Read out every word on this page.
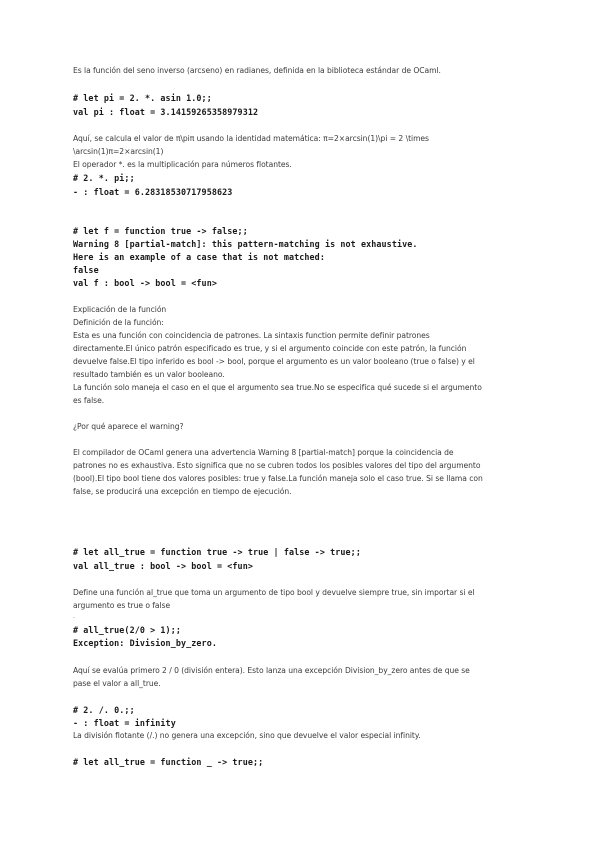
Es la función del seno inverso (arcseno) en radianes, definida en la biblioteca estándar de OCaml.
# let pi = 2. *. asin 1.0;;
val pi : float = 3.14159265358979312
Aquí, se calcula el valor de π\piπ usando la identidad matemática: π=2×arcsin(1)\pi = 2 \times
\arcsin(1)π=2×arcsin(1)
El operador *. es la multiplicación para números flotantes.
# 2. *. pi;;
- : float = 6.28318530717958623
# let f = function true -> false;;
Warning 8 [partial-match]: this pattern-matching is not exhaustive.
Here is an example of a case that is not matched:
false
val f : bool -> bool = <fun>
Explicación de la función
Definición de la función:
Esta es una función con coincidencia de patrones. La sintaxis function permite definir patrones
directamente.El único patrón especificado es true, y si el argumento coincide con este patrón, la función
devuelve false.El tipo inferido es bool -> bool, porque el argumento es un valor booleano (true o false) y el
resultado también es un valor booleano.
La función solo maneja el caso en el que el argumento sea true.No se especifica qué sucede si el argumento
es false.
¿Por qué aparece el warning?
El compilador de OCaml genera una advertencia Warning 8 [partial-match] porque la coincidencia de
patrones no es exhaustiva. Esto significa que no se cubren todos los posibles valores del tipo del argumento
(bool).El tipo bool tiene dos valores posibles: true y false.La función maneja solo el caso true. Si se llama con
false, se producirá una excepción en tiempo de ejecución.
# let all_true = function true -> true | false -> true;;
val all_true : bool -> bool = <fun>
Define una función al_true que toma un argumento de tipo bool y devuelve siempre true, sin importar si el
argumento es true o false
.
# all_true(2/0 > 1);;
Exception: Division_by_zero.
Aquí se evalúa primero 2 / 0 (división entera). Esto lanza una excepción Division_by_zero antes de que se
pase el valor a all_true.
# 2. /. 0.;;
- : float = infinity
La división flotante (/.) no genera una excepción, sino que devuelve el valor especial infinity.
# let all_true = function _ -> true;;
